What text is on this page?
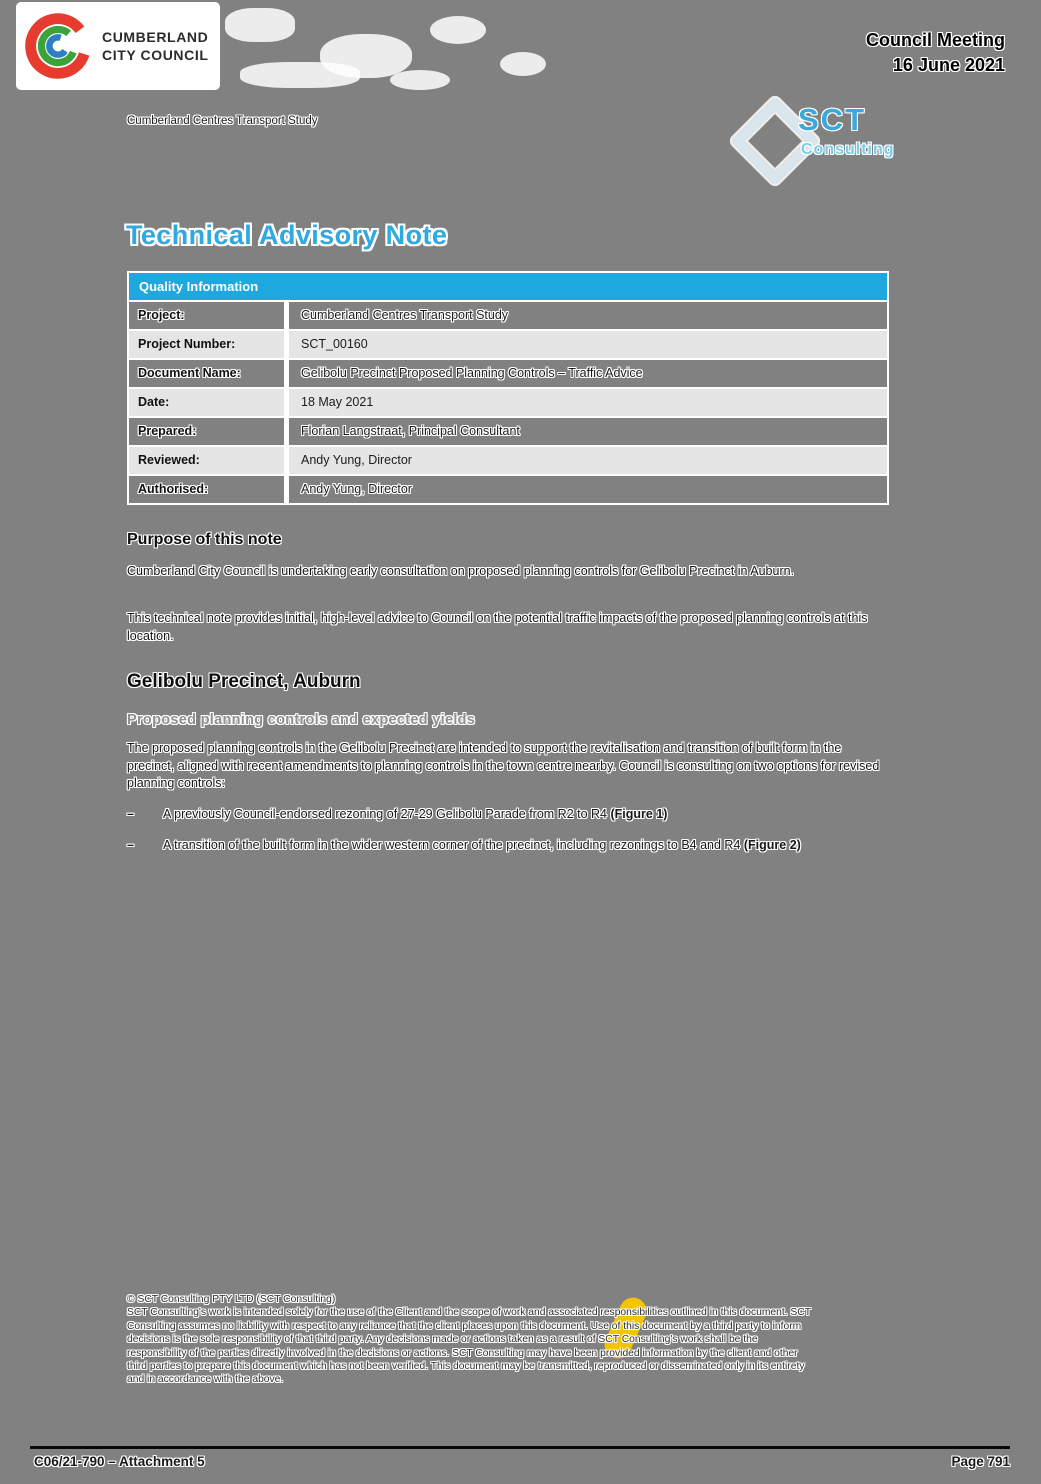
CUMBERLAND
CITY COUNCIL
Council Meeting
16 June 2021
Cumberland Centres Transport Study	SCT
Consulting
Technical Advisory Note
Quality Information
Project:	Cumberland Centres Transport Study
Project Number:	SCT_00160
Document Name:	Gelibolu Precinct Proposed Planning Controls – Traffic Advice
Date:	18 May 2021
Prepared:	Florian Langstraat, Principal Consultant
Reviewed:	Andy Yung, Director
Authorised:	Andy Yung, Director
Purpose of this note
Cumberland City Council is undertaking early consultation on proposed planning controls for Gelibolu Precinct in Auburn.
This technical note provides initial, high-level advice to Council on the potential traffic impacts of the proposed planning controls at this location.
Gelibolu Precinct, Auburn
Proposed planning controls and expected yields
The proposed planning controls in the Gelibolu Precinct are intended to support the revitalisation and transition of built form in the precinct, aligned with recent amendments to planning controls in the town centre nearby. Council is consulting on two options for revised planning controls:
–	A previously Council-endorsed rezoning of 27-29 Gelibolu Parade from R2 to R4 (Figure 1)
–	A transition of the built form in the wider western corner of the precinct, including rezonings to B4 and R4 (Figure 2)
© SCT Consulting PTY LTD (SCT Consulting)
SCT Consulting's work is intended solely for the use of the Client and the scope of work and associated responsibilities outlined in this document. SCT
Consulting assumes no liability with respect to any reliance that the client places upon this document. Use of this document by a third party to inform
decisions is the sole responsibility of that third party. Any decisions made or actions taken as a result of SCT Consulting's work shall be the
responsibility of the parties directly involved in the decisions or actions. SCT Consulting may have been provided information by the client and other
third parties to prepare this document which has not been verified. This document may be transmitted, reproduced or disseminated only in its entirety
and in accordance with the above.
C06/21-790 – Attachment 5	Page 791
